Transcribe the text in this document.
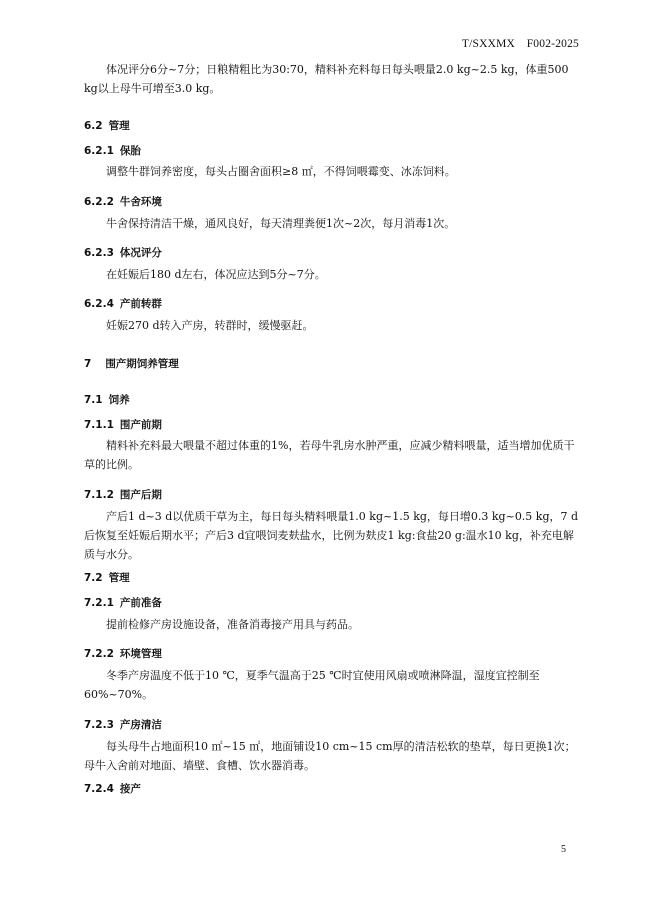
T/SXXMX　F002-2025

体况评分6分~7分；日粮精粗比为30:70，精料补充料每日每头喂量2.0 kg~2.5 kg，体重500 kg以上母牛可增至3.0 kg。

6.2 管理
6.2.1 保胎

调整牛群饲养密度，每头占圈舍面积≥8 ㎡，不得饲喂霉变、冰冻饲料。

6.2.2 牛舍环境

牛舍保持清洁干燥，通风良好，每天清理粪便1次~2次，每月消毒1次。

6.2.3 体况评分

在妊娠后180 d左右，体况应达到5分~7分。

6.2.4 产前转群

妊娠270 d转入产房，转群时，缓慢驱赶。

7 围产期饲养管理
7.1 饲养
7.1.1 围产前期

精料补充料最大喂量不超过体重的1%，若母牛乳房水肿严重，应减少精料喂量，适当增加优质干草的比例。

7.1.2 围产后期

产后1 d~3 d以优质干草为主，每日每头精料喂量1.0 kg~1.5 kg，每日增0.3 kg~0.5 kg，7 d后恢复至妊娠后期水平；产后3 d宜喂饲麦麸盐水，比例为麸皮1 kg:食盐20 g:温水10 kg，补充电解质与水分。

7.2 管理
7.2.1 产前准备

提前检修产房设施设备，准备消毒接产用具与药品。

7.2.2 环境管理

冬季产房温度不低于10 ℃，夏季气温高于25 ℃时宜使用风扇或喷淋降温，湿度宜控制至60%~70%。

7.2.3 产房清洁

每头母牛占地面积10 ㎡~15 ㎡，地面铺设10 cm~15 cm厚的清洁松软的垫草，每日更换1次；母牛入舍前对地面、墙壁、食槽、饮水器消毒。

7.2.4 接产
5
